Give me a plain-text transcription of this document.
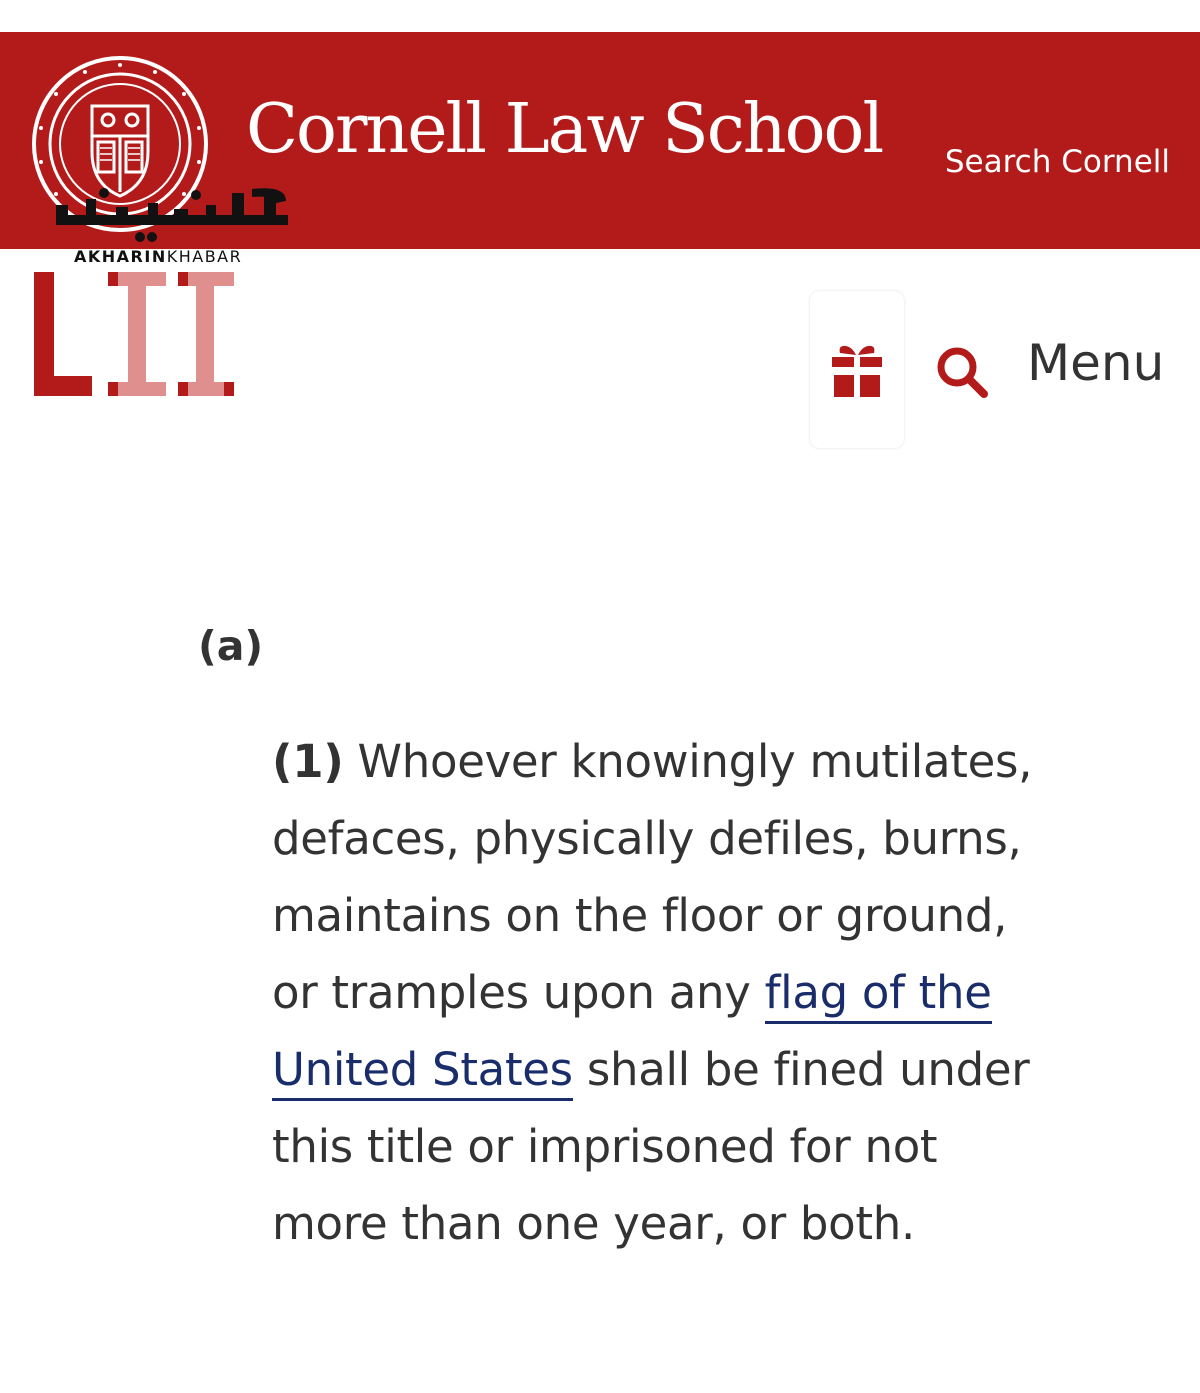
Cornell Law School Search Cornell
AKHARINKHABAR
Menu
(a)
(1) Whoever knowingly mutilates, defaces, physically defiles, burns, maintains on the floor or ground, or tramples upon any flag of the United States shall be fined under this title or imprisoned for not more than one year, or both.
